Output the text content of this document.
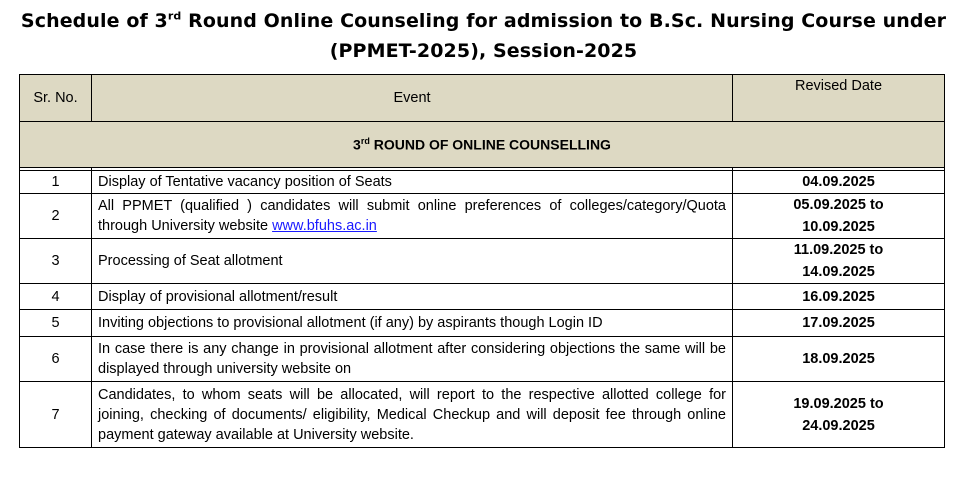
Schedule of 3rd Round Online Counseling for admission to B.Sc. Nursing Course under
(PPMET-2025), Session-2025
Sr. No.	Event	Revised Date
3rd ROUND OF ONLINE COUNSELLING		

1	Display of Tentative vacancy position of Seats	04.09.2025
2	All PPMET (qualified ) candidates will submit online preferences of colleges/category/Quota through University website www.bfuhs.ac.in	05.09.2025 to
10.09.2025

3	Processing of Seat allotment	11.09.2025 to
14.09.2025

4	Display of provisional allotment/result	16.09.2025
5	Inviting objections to provisional allotment (if any) by aspirants though Login ID	17.09.2025
6	In case there is any change in provisional allotment after considering objections the same will be displayed through university website on	18.09.2025
7	Candidates, to whom seats will be allocated, will report to the respective allotted college for joining, checking of documents/ eligibility, Medical Checkup and will deposit fee through online payment gateway available at University website.	19.09.2025 to
24.09.2025
